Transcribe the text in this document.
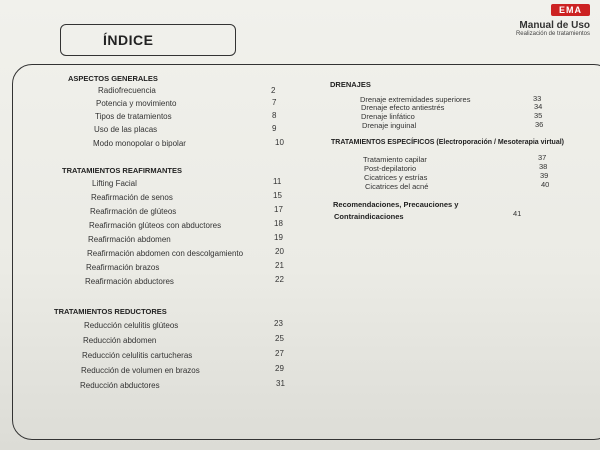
EMA
Manual de Uso
Realización de tratamientos
ÍNDICE
ASPECTOS GENERALES
Radiofrecuencia	2
Potencia y movimiento	7
Tipos de tratamientos	8
Uso de las placas	9
Modo monopolar o bipolar	10
TRATAMIENTOS REAFIRMANTES
Lifting Facial	11
Reafirmación de senos	15
Reafirmación de glúteos	17
Reafirmación glúteos con abductores	18
Reafirmación abdomen	19
Reafirmación abdomen con descolgamiento	20
Reafirmación brazos	21
Reafirmación abductores	22
TRATAMIENTOS REDUCTORES
Reducción celulitis glúteos	23
Reducción abdomen	25
Reducción celulitis cartucheras	27
Reducción de volumen en brazos	29
Reducción abductores	31
DRENAJES
Drenaje extremidades superiores	33
Drenaje efecto antiestrés	34
Drenaje linfático	35
Drenaje inguinal	36
TRATAMIENTOS ESPECÍFICOS (Electroporación / Mesoterapia virtual)
Tratamiento capilar	37
Post-depilatorio	38
Cicatrices y estrías	39
Cicatrices del acné	40
Recomendaciones, Precauciones y
Contraindicaciones	41
